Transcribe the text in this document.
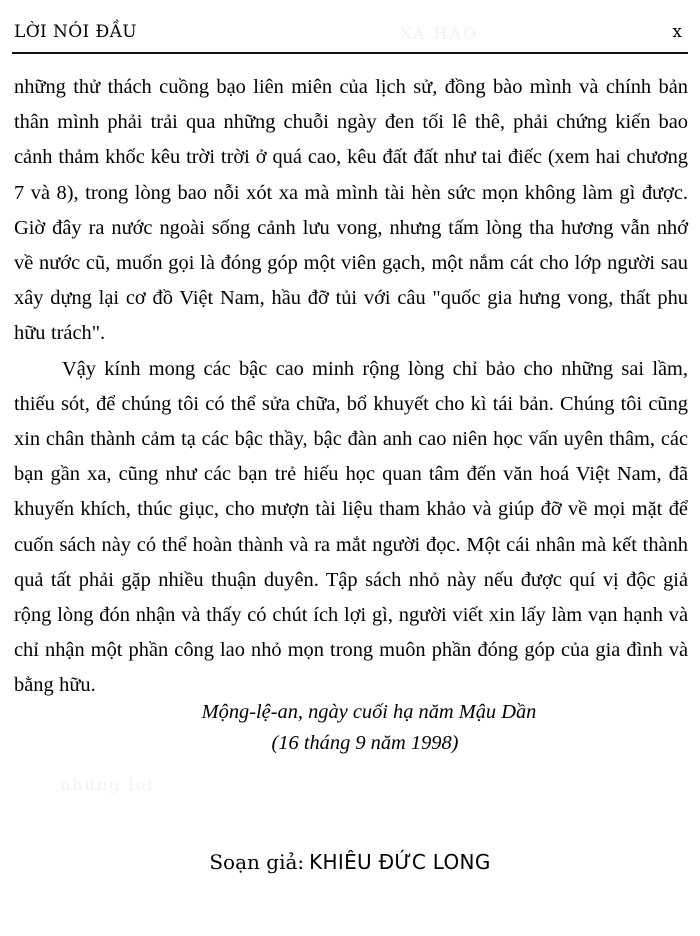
XA HÁO
nhung loi
LỜI NÓI ĐẦU	x

những thử thách cuồng bạo liên miên của lịch sử, đồng bào mình và chính bản thân mình phải trải qua những chuỗi ngày đen tối lê thê, phải chứng kiến bao cảnh thảm khốc kêu trời trời ở quá cao, kêu đất đất như tai điếc (xem hai chương 7 và 8), trong lòng bao nỗi xót xa mà mình tài hèn sức mọn không làm gì được. Giờ đây ra nước ngoài sống cảnh lưu vong, nhưng tấm lòng tha hương vẫn nhớ về nước cũ, muốn gọi là đóng góp một viên gạch, một nắm cát cho lớp người sau xây dựng lại cơ đồ Việt Nam, hầu đỡ tủi với câu "quốc gia hưng vong, thất phu hữu trách".

Vậy kính mong các bậc cao minh rộng lòng chỉ bảo cho những sai lầm, thiếu sót, để chúng tôi có thể sửa chữa, bổ khuyết cho kì tái bản. Chúng tôi cũng xin chân thành cảm tạ các bậc thầy, bậc đàn anh cao niên học vấn uyên thâm, các bạn gần xa, cũng như các bạn trẻ hiếu học quan tâm đến văn hoá Việt Nam, đã khuyến khích, thúc giục, cho mượn tài liệu tham khảo và giúp đỡ về mọi mặt để cuốn sách này có thể hoàn thành và ra mắt người đọc. Một cái nhân mà kết thành quả tất phải gặp nhiều thuận duyên. Tập sách nhỏ này nếu được quí vị độc giả rộng lòng đón nhận và thấy có chút ích lợi gì, người viết xin lấy làm vạn hạnh và chỉ nhận một phần công lao nhỏ mọn trong muôn phần đóng góp của gia đình và bằng hữu.

Mộng-lệ-an, ngày cuối hạ năm Mậu Dần
(16 tháng 9 năm 1998)
Soạn giả: KHIÊU ĐỨC LONG
